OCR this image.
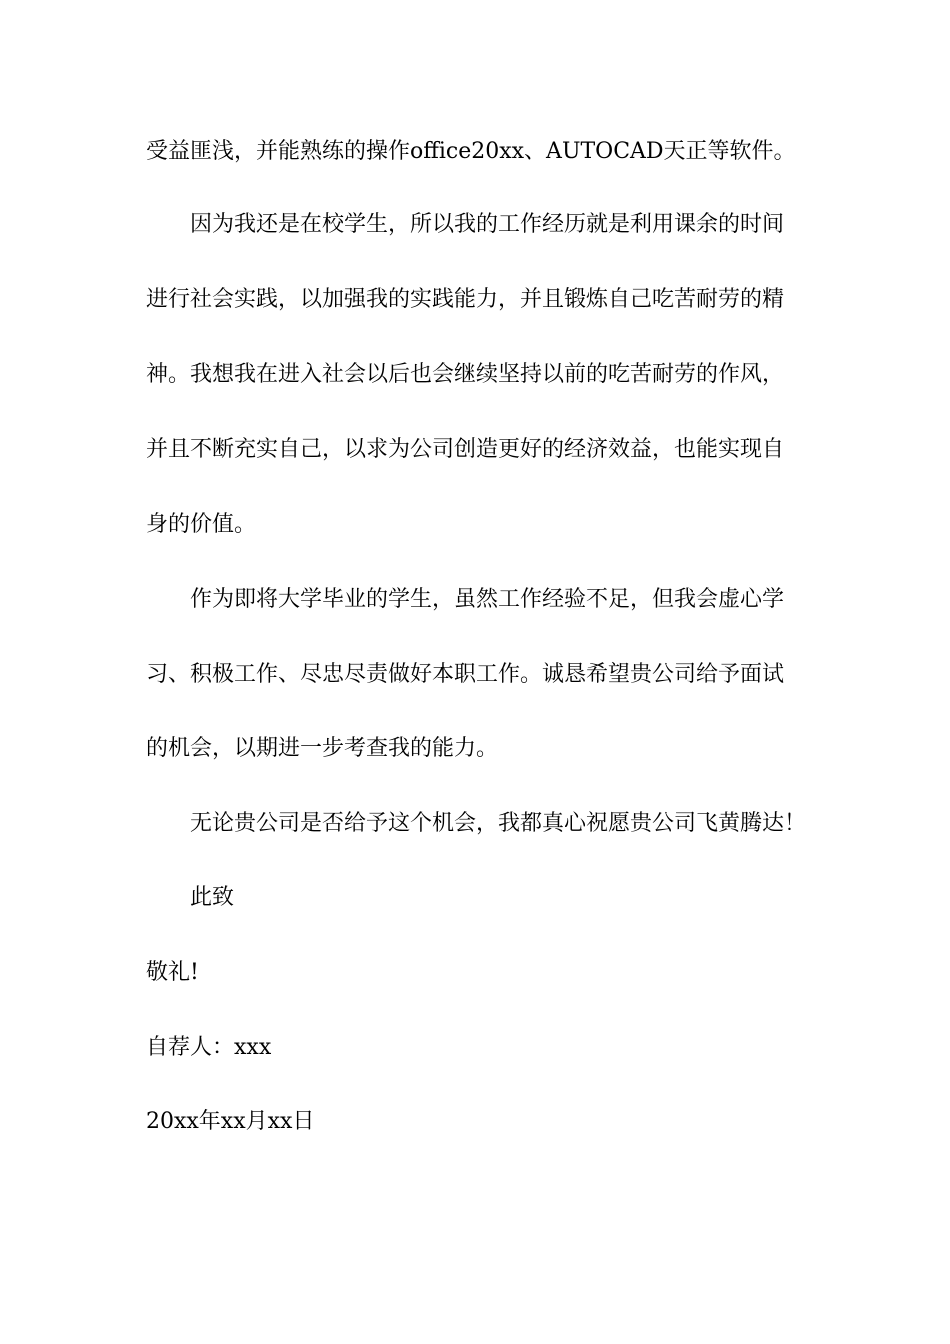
受益匪浅，并能熟练的操作office20xx、AUTOCAD天正等软件。
因为我还是在校学生，所以我的工作经历就是利用课余的时间
进行社会实践，以加强我的实践能力，并且锻炼自己吃苦耐劳的精
神。我想我在进入社会以后也会继续坚持以前的吃苦耐劳的作风，
并且不断充实自己，以求为公司创造更好的经济效益，也能实现自
身的价值。
作为即将大学毕业的学生，虽然工作经验不足，但我会虚心学
习、积极工作、尽忠尽责做好本职工作。诚恳希望贵公司给予面试
的机会，以期进一步考查我的能力。
无论贵公司是否给予这个机会，我都真心祝愿贵公司飞黄腾达！
此致
敬礼!
自荐人：xxx
20xx年xx月xx日
